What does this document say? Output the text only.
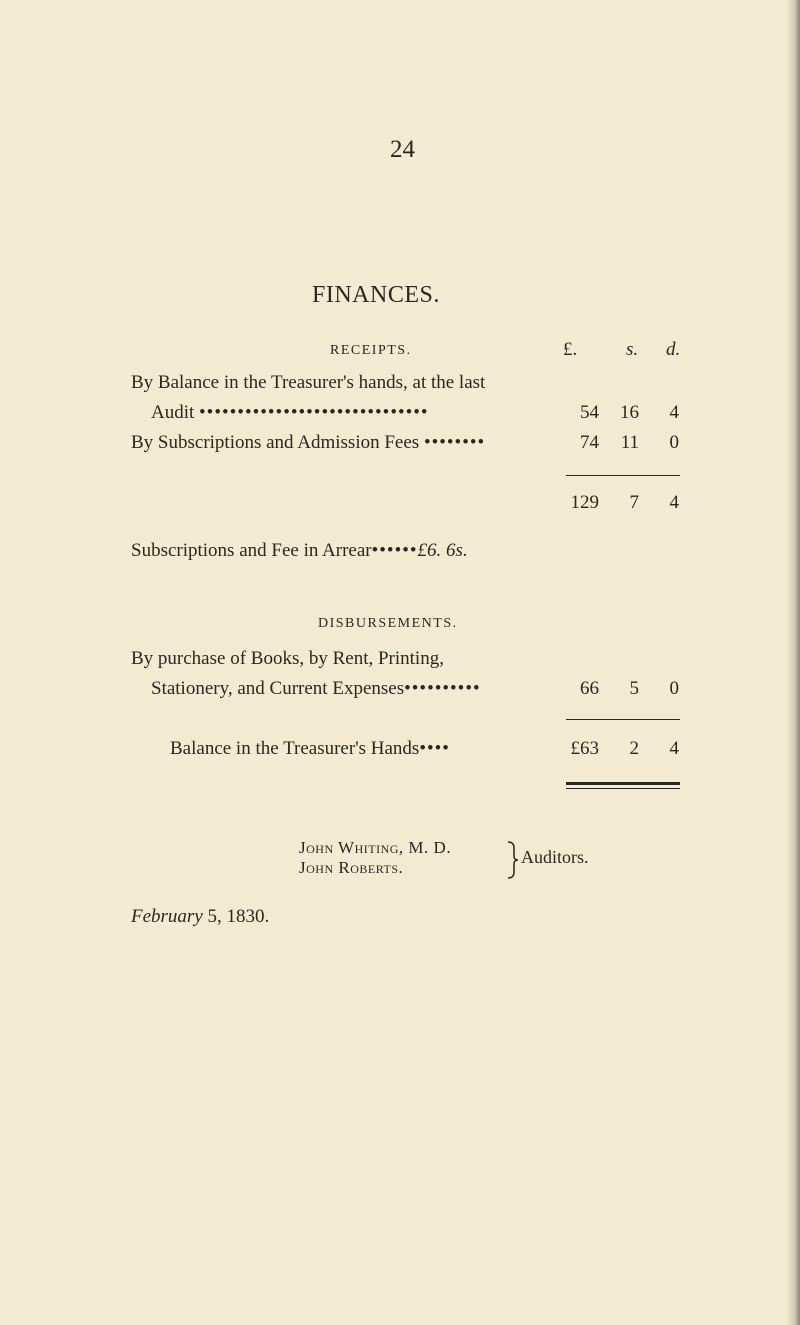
24
FINANCES.
RECEIPTS.	£.	s. d.
By Balance in the Treasurer's hands, at the last
Audit ••••••••••••••••••••••••••••••	54	16	4
By Subscriptions and Admission Fees ••••••••	74	11	0
129	7	4
Subscriptions and Fee in Arrear••••••£6. 6s.
DISBURSEMENTS.
By purchase of Books, by Rent, Printing,
Stationery, and Current Expenses••••••••••	66	5	0
Balance in the Treasurer's Hands••••	£63	2	4
John Whiting, M. D.
John Roberts.
Auditors.
February 5, 1830.
